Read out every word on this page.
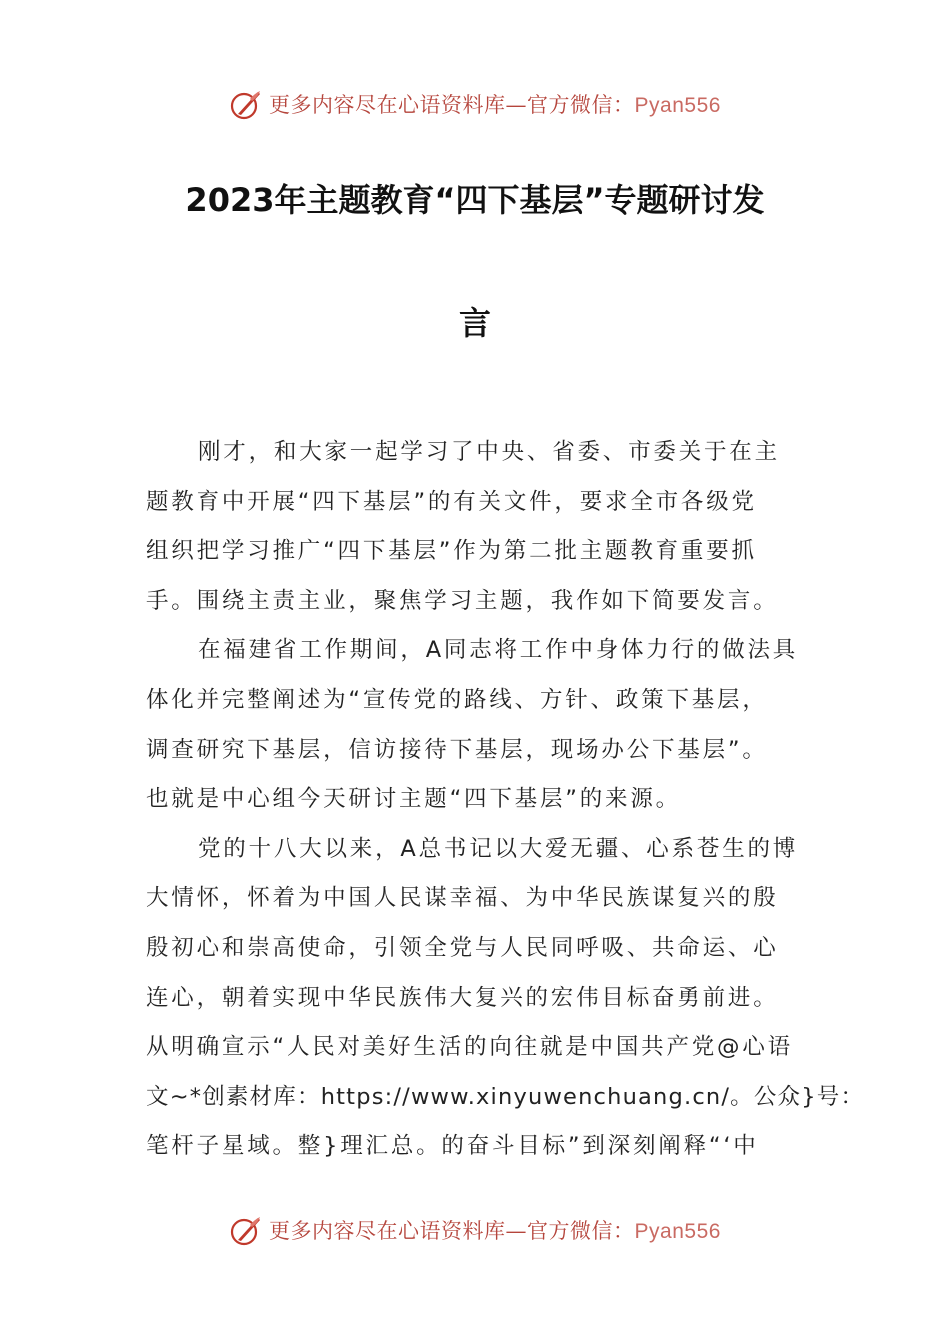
更多内容尽在心语资料库—官方微信：Pyan556
2023年主题教育“四下基层”专题研讨发
言

刚才，和大家一起学习了中央、省委、市委关于在主
题教育中开展“四下基层”的有关文件，要求全市各级党
组织把学习推广“四下基层”作为第二批主题教育重要抓
手。围绕主责主业，聚焦学习主题，我作如下简要发言。

在福建省工作期间，A同志将工作中身体力行的做法具
体化并完整阐述为“宣传党的路线、方针、政策下基层，
调查研究下基层，信访接待下基层，现场办公下基层”。
也就是中心组今天研讨主题“四下基层”的来源。

党的十八大以来，A总书记以大爱无疆、心系苍生的博
大情怀，怀着为中国人民谋幸福、为中华民族谋复兴的殷
殷初心和崇高使命，引领全党与人民同呼吸、共命运、心
连心，朝着实现中华民族伟大复兴的宏伟目标奋勇前进。
从明确宣示“人民对美好生活的向往就是中国共产党@心语
文~*创素材库：https://www.xinyuwenchuang.cn/。公众}号：
笔杆子星域。整}理汇总。的奋斗目标”到深刻阐释“‘中

更多内容尽在心语资料库—官方微信：Pyan556
